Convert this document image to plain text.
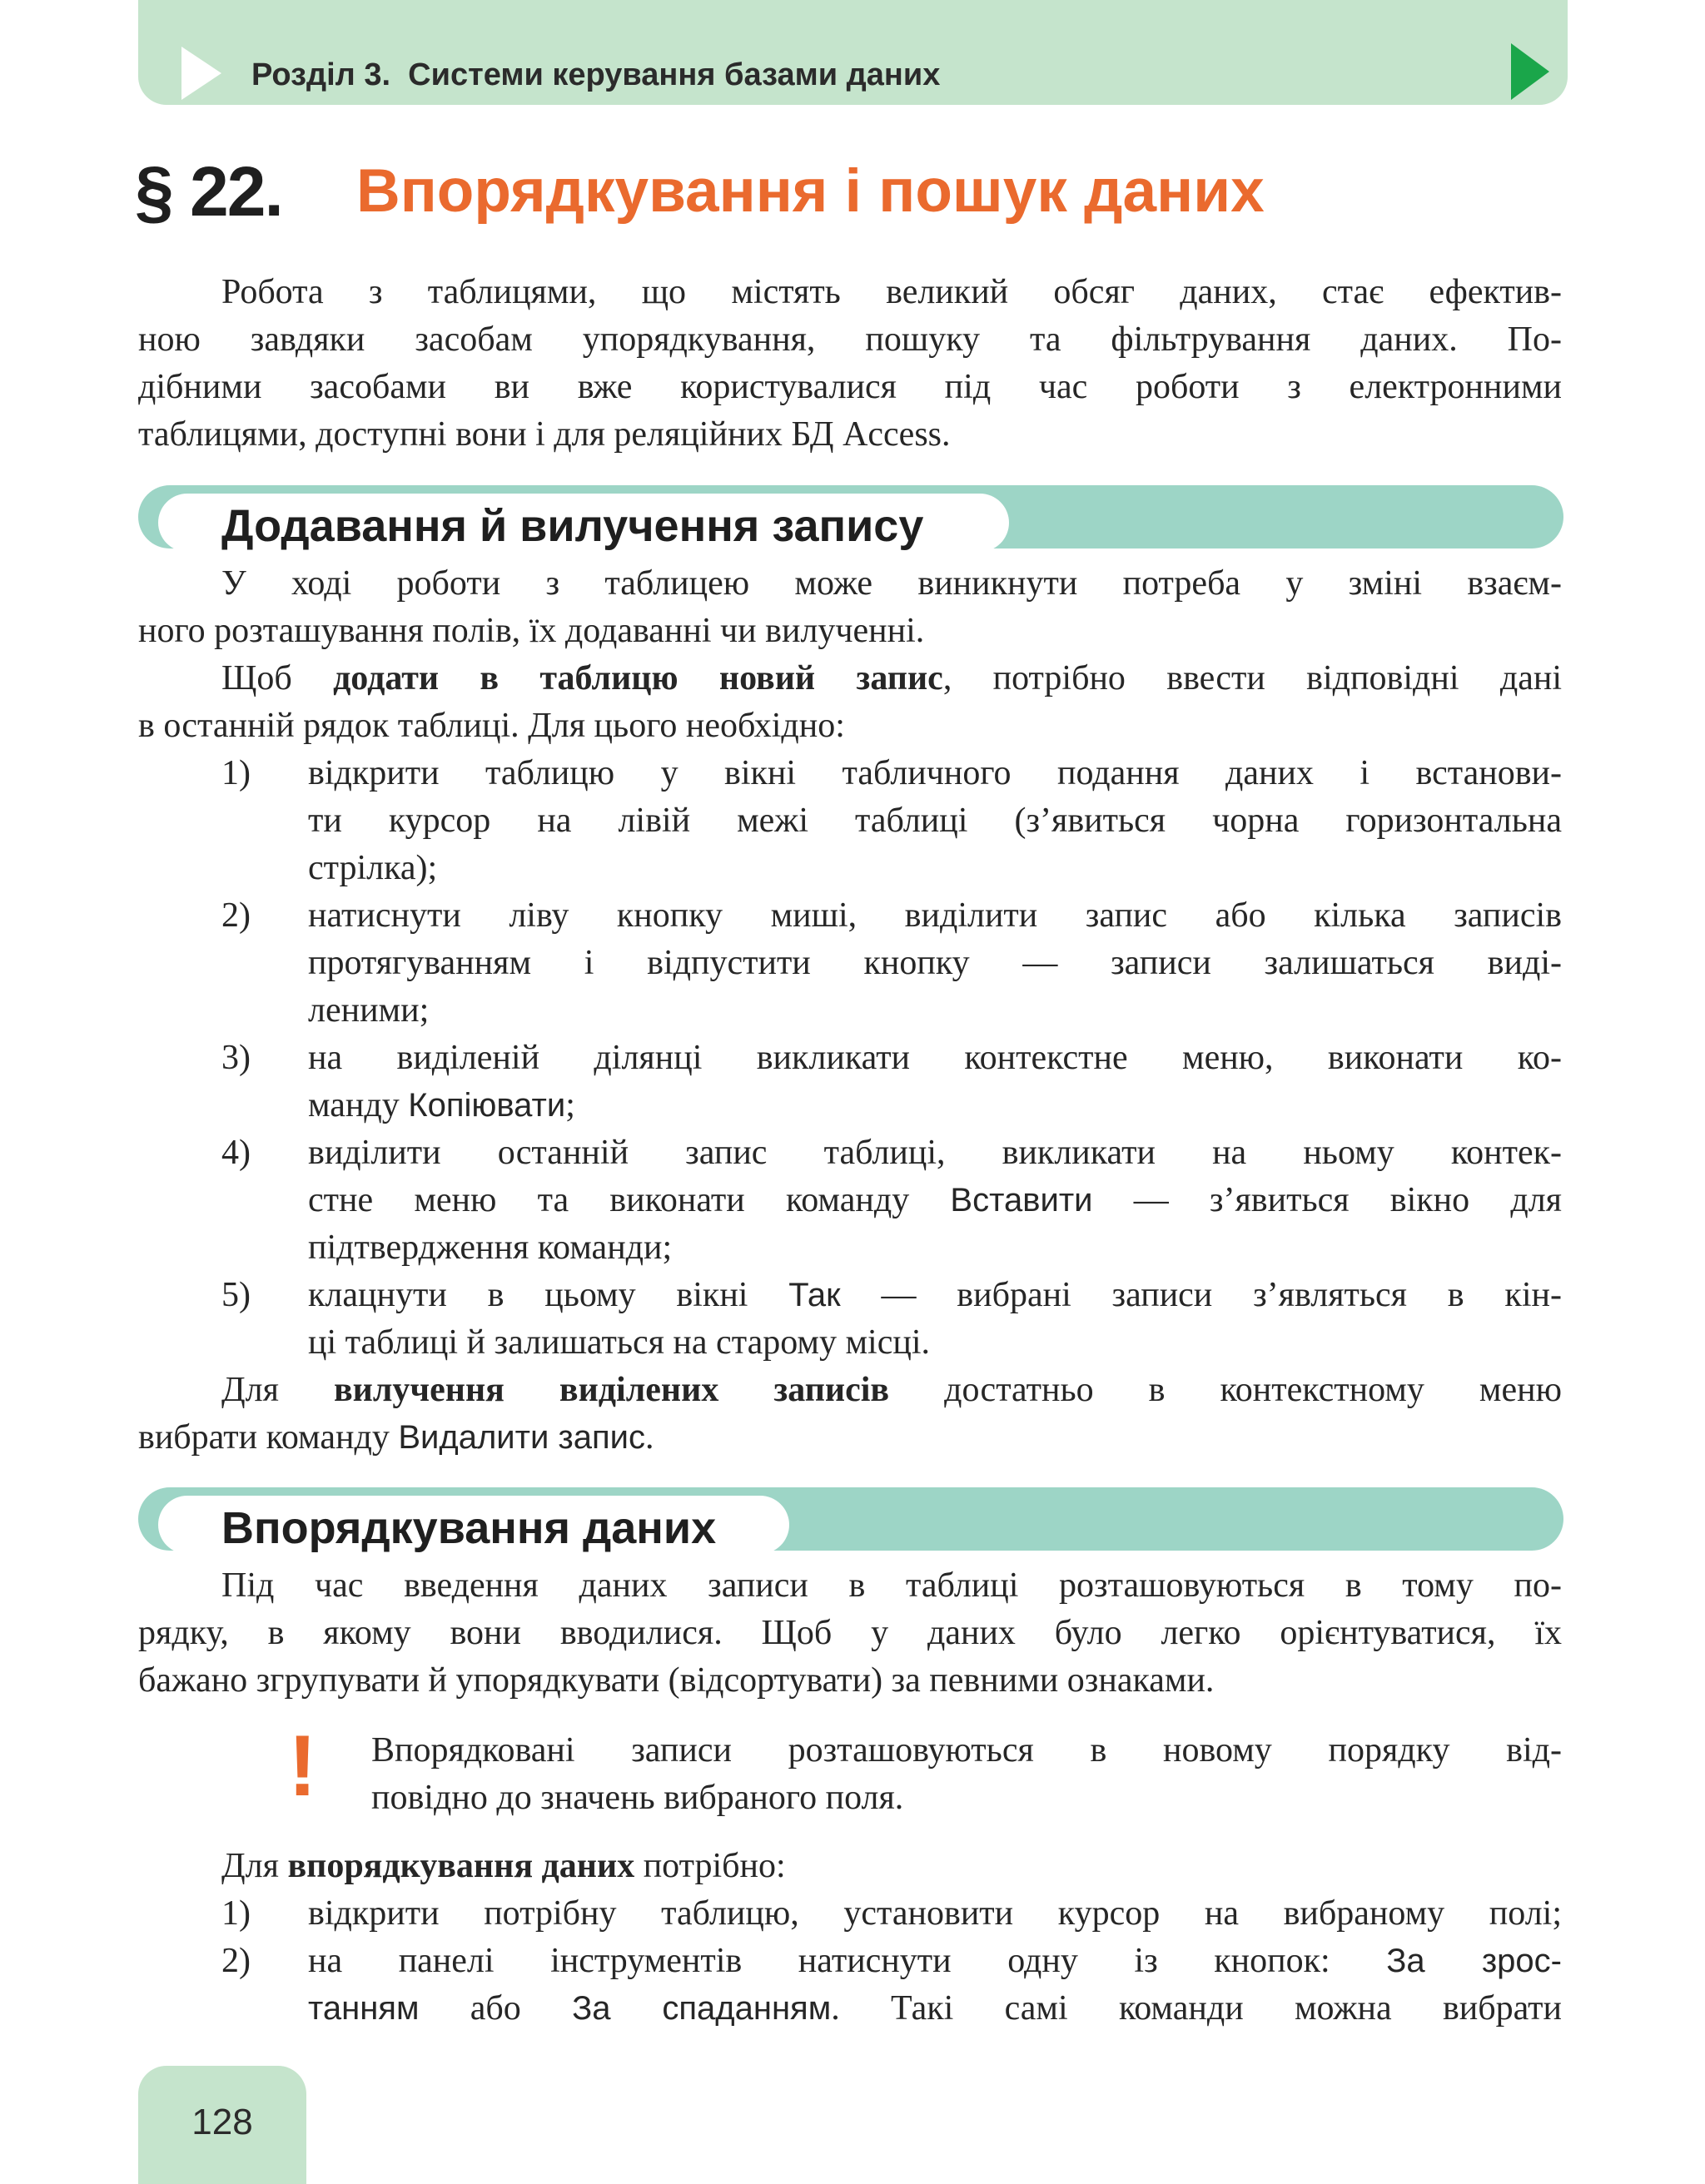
Розділ 3.  Системи керування базами даних
§ 22. Впорядкування і пошук даних
Робота з таблицями, що містять великий обсяг даних, стає ефектив-
ною завдяки засобам упорядкування, пошуку та фільтрування даних. По-
дібними засобами ви вже користувалися під час роботи з електронними
таблицями, доступні вони і для реляційних БД Access.
Додавання й вилучення запису
У ході роботи з таблицею може виникнути потреба у зміні взаєм-
ного розташування полів, їх додаванні чи вилученні.
Щоб додати в таблицю новий запис, потрібно ввести відповідні дані
в останній рядок таблиці. Для цього необхідно:
1) відкрити таблицю у вікні табличного подання даних і встанови-
ти курсор на лівій межі таблиці (з’явиться чорна горизонтальна
стрілка);
2) натиснути ліву кнопку миші, виділити запис або кілька записів
протягуванням і відпустити кнопку — записи залишаться виді-
леними;
3) на виділеній ділянці викликати контекстне меню, виконати ко-
манду Копіювати;
4) виділити останній запис таблиці, викликати на ньому контек-
стне меню та виконати команду Вставити — з’явиться вікно для
підтвердження команди;
5) клацнути в цьому вікні Так — вибрані записи з’являться в кін-
ці таблиці й залишаться на старому місці.
Для вилучення виділених записів достатньо в контекстному меню
вибрати команду Видалити запис.
Впорядкування даних
Під час введення даних записи в таблиці розташовуються в тому по-
рядку, в якому вони вводилися. Щоб у даних було легко орієнтуватися, їх
бажано згрупувати й упорядкувати (відсортувати) за певними ознаками.
! Впорядковані записи розташовуються в новому порядку від-
повідно до значень вибраного поля.
Для впорядкування даних потрібно:
1) відкрити потрібну таблицю, установити курсор на вибраному полі;
2) на панелі інструментів натиснути одну із кнопок: За зрос-
танням або За спаданням. Такі самі команди можна вибрати
128
